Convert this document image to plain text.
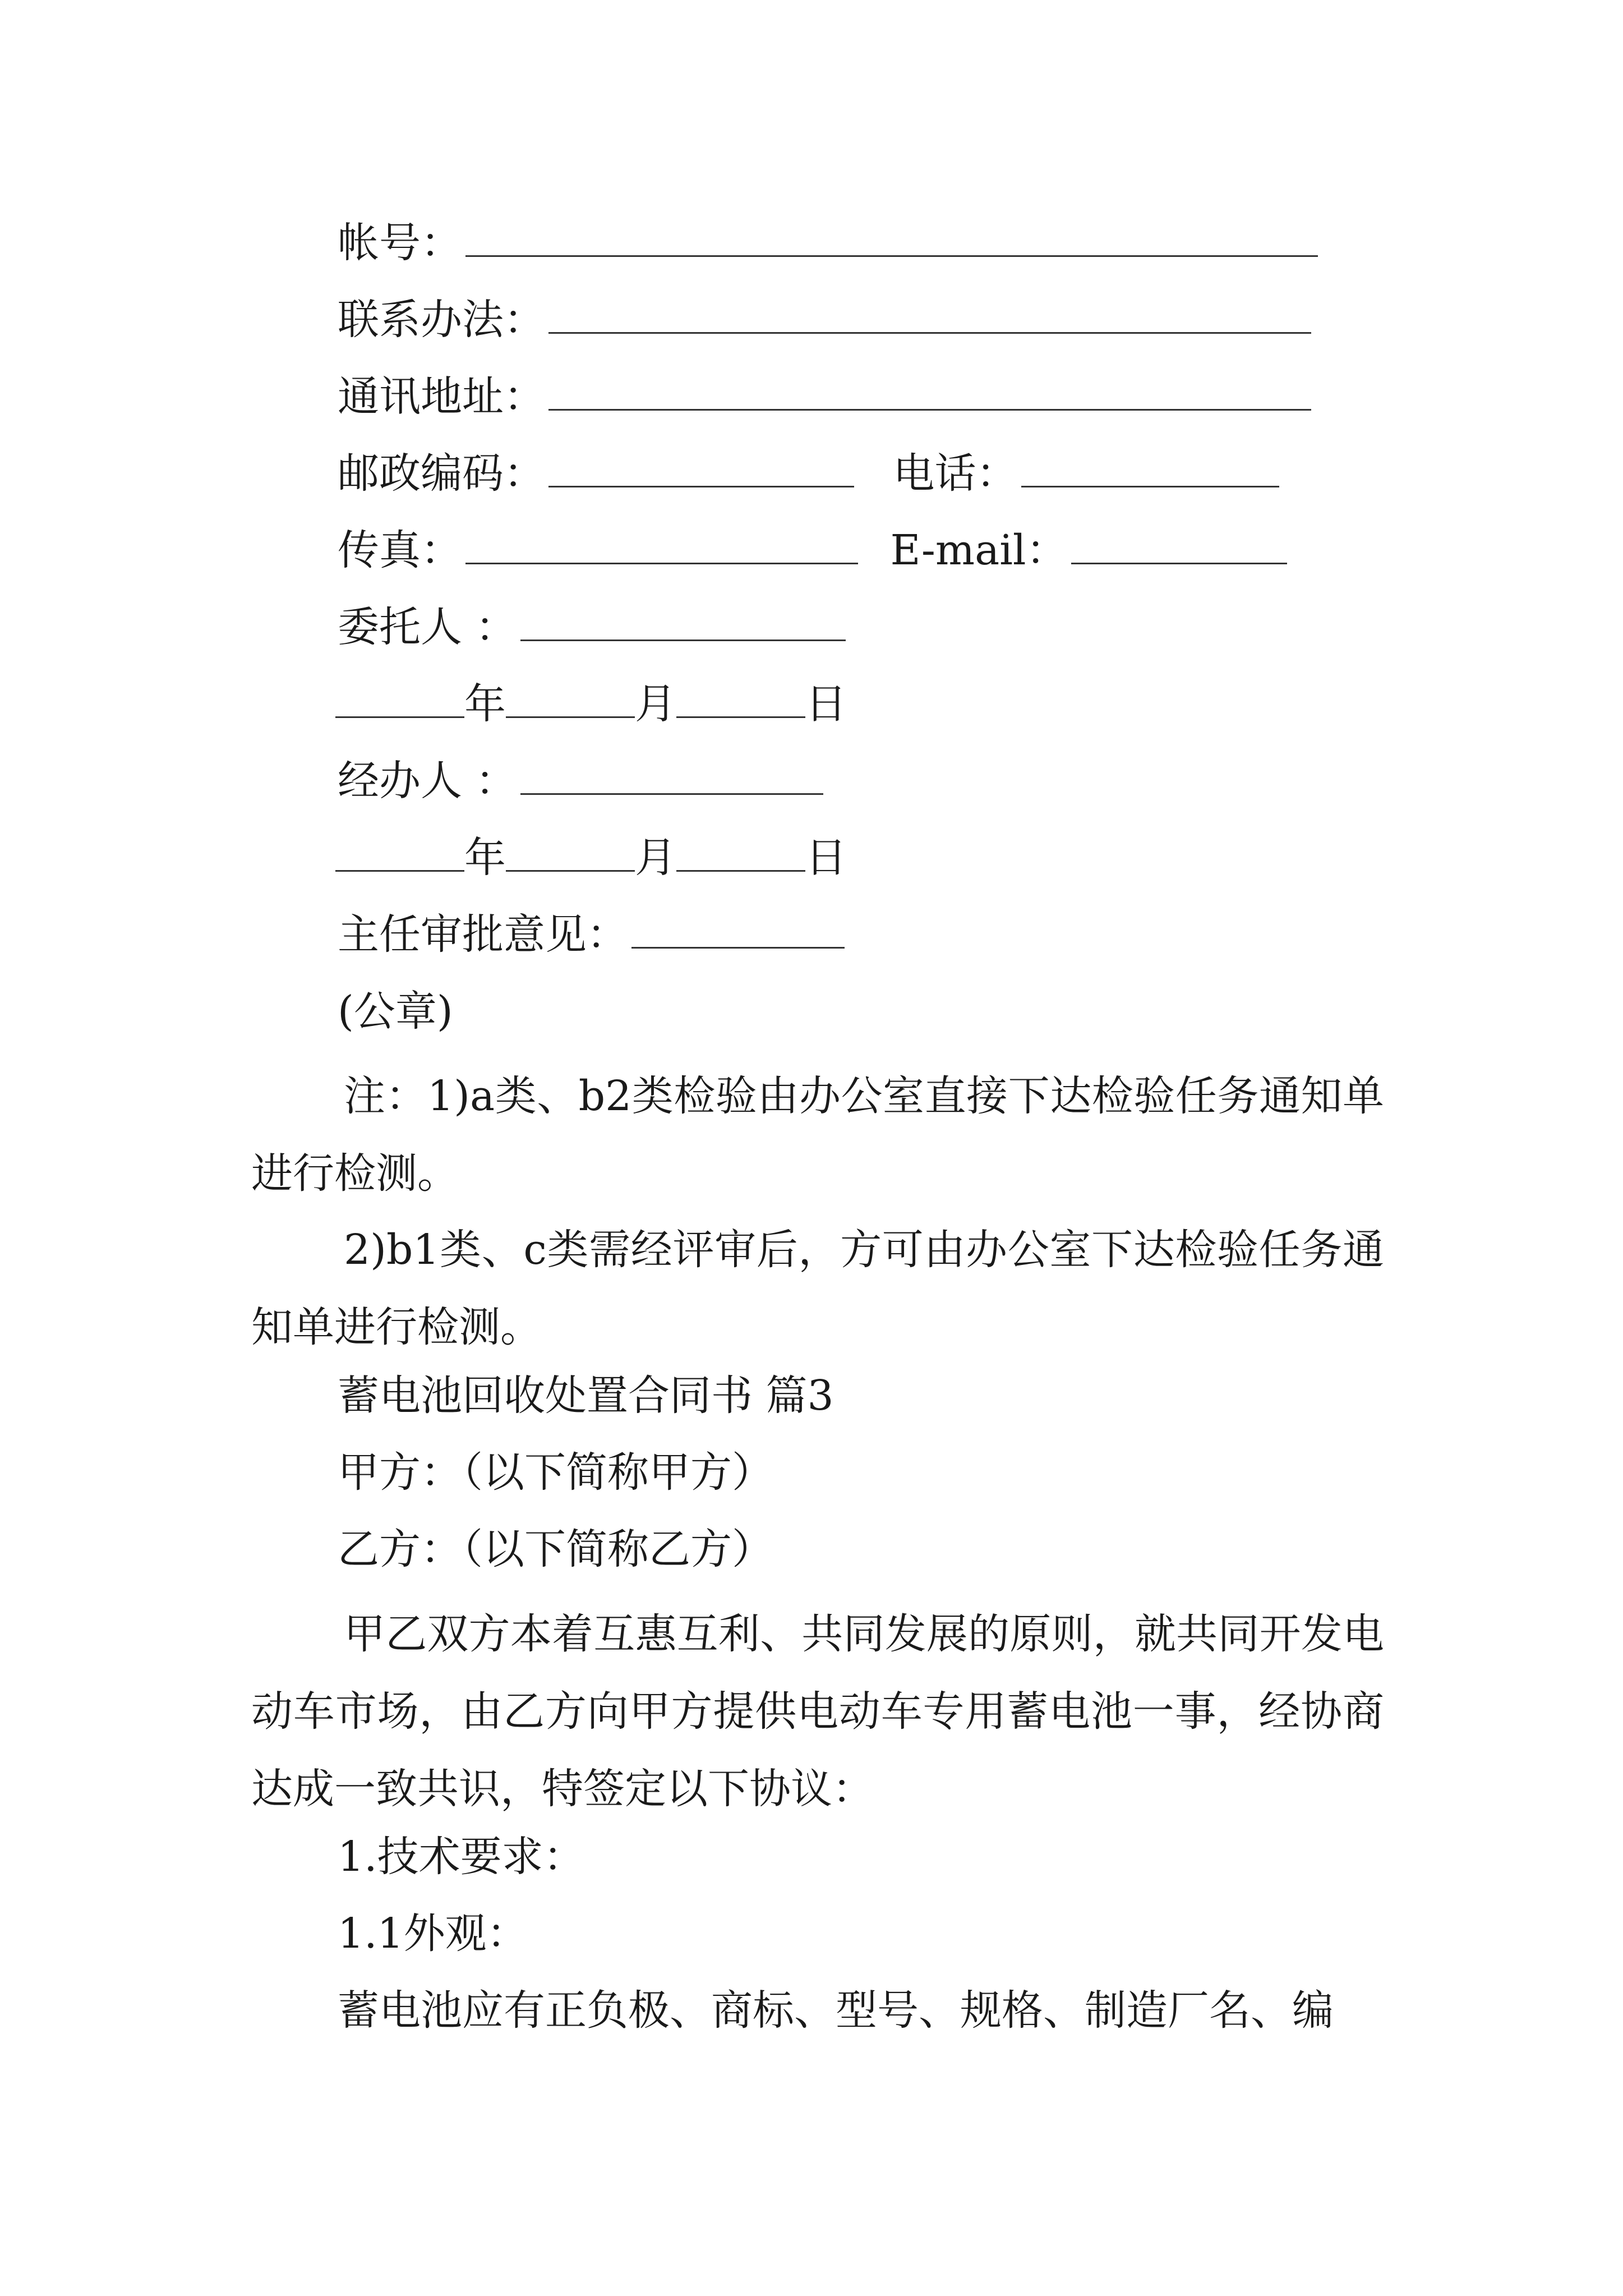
帐号：
联系办法：
通讯地址：
邮政编码：	电话：
传真：	E-mail：
委托人 ：
年	月	日
经办人 ：
年	月	日
主任审批意见：
(公章)
注：1)a类、b2类检验由办公室直接下达检验任务通知单进行检测。
2)b1类、c类需经评审后，方可由办公室下达检验任务通知单进行检测。
蓄电池回收处置合同书 篇3
甲方：（以下简称甲方）
乙方：（以下简称乙方）
甲乙双方本着互惠互利、共同发展的原则，就共同开发电动车市场，由乙方向甲方提供电动车专用蓄电池一事，经协商达成一致共识，特签定以下协议：
1.技术要求：
1.1外观：
蓄电池应有正负极、商标、型号、规格、制造厂名、编
